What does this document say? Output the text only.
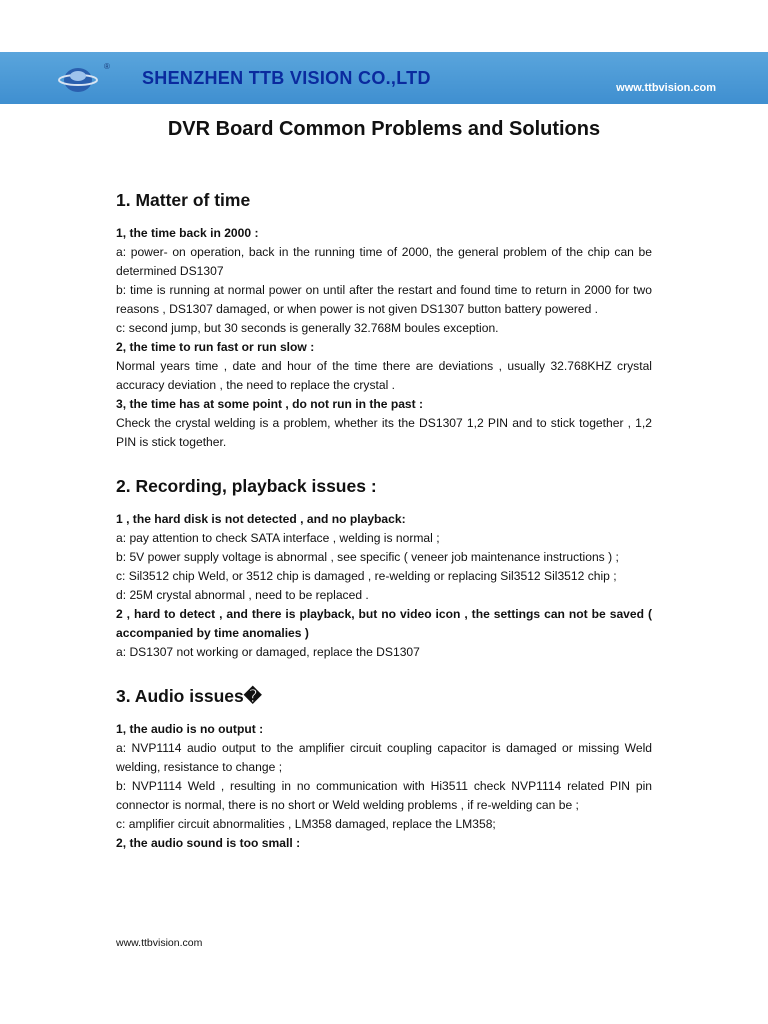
®
SHENZHEN TTB VISION CO.,LTD	www.ttbvision.com
DVR Board Common Problems and Solutions
1. Matter of time

1, the time back in 2000 :

a: power- on operation, back in the running time of 2000, the general problem of the chip can be determined DS1307

b: time is running at normal power on until after the restart and found time to return in 2000 for two reasons , DS1307 damaged, or when power is not given DS1307 button battery powered .

c: second jump, but 30 seconds is generally 32.768M boules exception.

2, the time to run fast or run slow :

Normal years time , date and hour of the time there are deviations , usually 32.768KHZ crystal accuracy deviation , the need to replace the crystal .

3, the time has at some point , do not run in the past :

Check the crystal welding is a problem, whether its the DS1307 1,2 PIN and to stick together , 1,2 PIN is stick together.

2. Recording, playback issues :

1 , the hard disk is not detected , and no playback:

a: pay attention to check SATA interface , welding is normal ;

b: 5V power supply voltage is abnormal , see specific ( veneer job maintenance instructions ) ;

c: Sil3512 chip Weld, or 3512 chip is damaged , re-welding or replacing Sil3512 Sil3512 chip ;

d: 25M crystal abnormal , need to be replaced .

2 , hard to detect , and there is playback, but no video icon , the settings can not be saved ( accompanied by time anomalies )

a: DS1307 not working or damaged, replace the DS1307

3. Audio issues�

1, the audio is no output :

a: NVP1114 audio output to the amplifier circuit coupling capacitor is damaged or missing Weld welding, resistance to change ;

b: NVP1114 Weld , resulting in no communication with Hi3511 check NVP1114 related PIN pin connector is normal, there is no short or Weld welding problems , if re-welding can be ;

c: amplifier circuit abnormalities , LM358 damaged, replace the LM358;

2, the audio sound is too small :

www.ttbvision.com
